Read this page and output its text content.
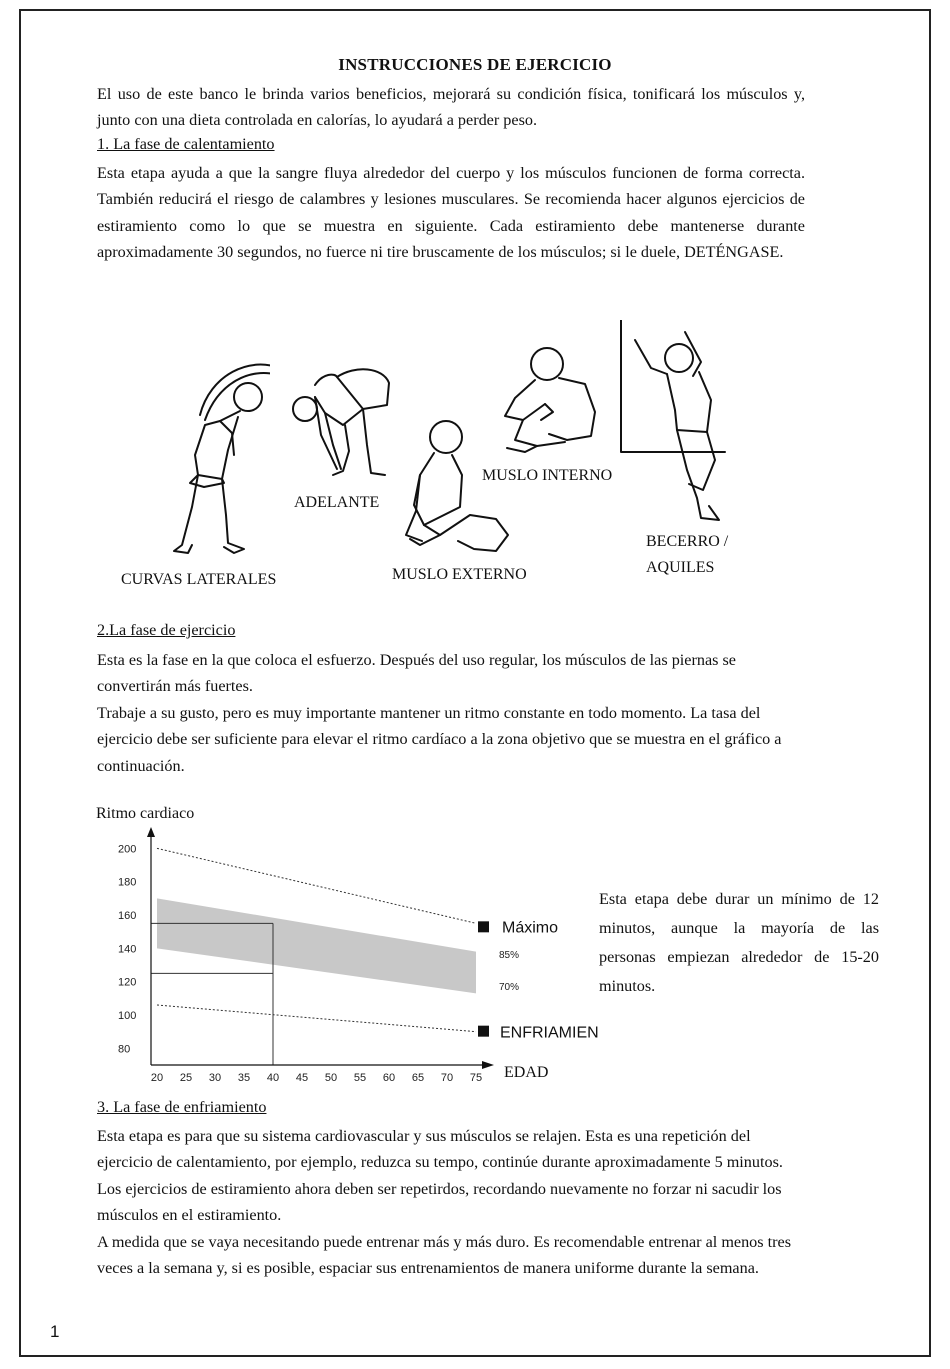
INSTRUCCIONES DE EJERCICIO

El uso de este banco le brinda varios beneficios, mejorará su condición física, tonificará los músculos y, junto con una dieta controlada en calorías, lo ayudará a perder peso.

1. La fase de calentamiento

Esta etapa ayuda a que la sangre fluya alrededor del cuerpo y los músculos funcionen de forma correcta. También reducirá el riesgo de calambres y lesiones musculares. Se recomienda hacer algunos ejercicios de estiramiento como lo que se muestra en siguiente. Cada estiramiento debe mantenerse durante aproximadamente 30 segundos, no fuerce ni tire bruscamente de los músculos; si le duele, DETÉNGASE.

CURVAS LATERALES
ADELANTE
MUSLO EXTERNO
MUSLO INTERNO
BECERRO /
AQUILES

2.La fase de ejercicio

Esta es la fase en la que coloca el esfuerzo. Después del uso regular, los músculos de las piernas se convertirán más fuertes.

Trabaje a su gusto, pero es muy importante mantener un ritmo constante en todo momento. La tasa del ejercicio debe ser suficiente para elevar el ritmo cardíaco a la zona objetivo que se muestra en el gráfico a continuación.

Ritmo cardiaco
80
100
120
140
160
180
200
20 25 30 35 40 45 50 55 60 65 70 75
Máximo
ENFRIAMIEN
85%
70%
EDAD

Esta etapa debe durar un mínimo de 12 minutos, aunque la mayoría de las personas empiezan alrededor de 15-20 minutos.

3. La fase de enfriamiento

Esta etapa es para que su sistema cardiovascular y sus músculos se relajen. Esta es una repetición del ejercicio de calentamiento, por ejemplo, reduzca su tempo, continúe durante aproximadamente 5 minutos. Los ejercicios de estiramiento ahora deben ser repetirdos, recordando nuevamente no forzar ni sacudir los músculos en el estiramiento.

A medida que se vaya necesitando puede entrenar más y más duro. Es recomendable entrenar al menos tres veces a la semana y, si es posible, espaciar sus entrenamientos de manera uniforme durante la semana.

1
